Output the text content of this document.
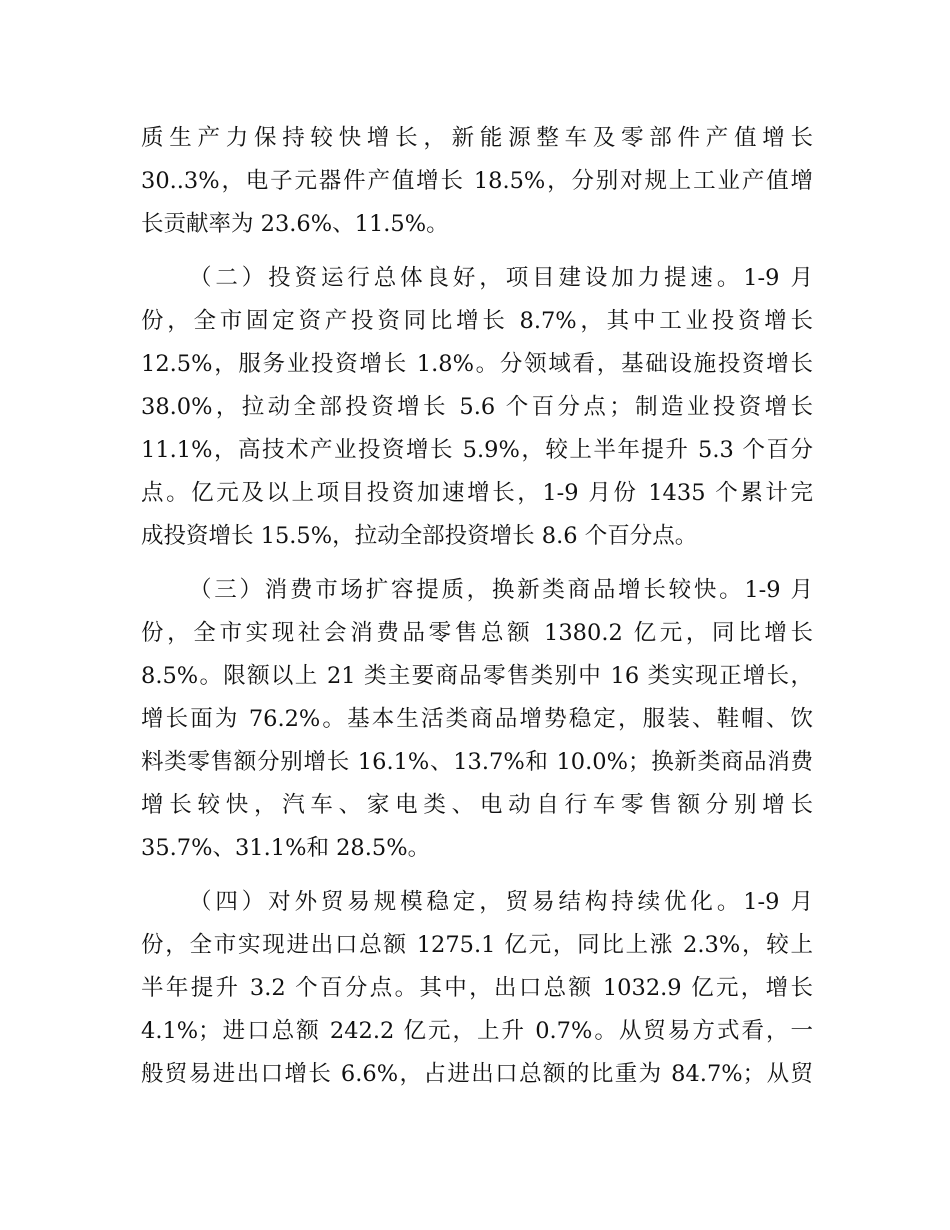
质生产力保持较快增长，新能源整车及零部件产值增长
30..3%，电子元器件产值增长 18.5%，分别对规上工业产值增
长贡献率为 23.6%、11.5%。
（二）投资运行总体良好，项目建设加力提速。1-9 月
份，全市固定资产投资同比增长 8.7%，其中工业投资增长
12.5%，服务业投资增长 1.8%。分领域看，基础设施投资增长
38.0%，拉动全部投资增长 5.6 个百分点；制造业投资增长
11.1%，高技术产业投资增长 5.9%，较上半年提升 5.3 个百分
点。亿元及以上项目投资加速增长，1-9 月份 1435 个累计完
成投资增长 15.5%，拉动全部投资增长 8.6 个百分点。
（三）消费市场扩容提质，换新类商品增长较快。1-9 月
份，全市实现社会消费品零售总额 1380.2 亿元，同比增长
8.5%。限额以上 21 类主要商品零售类别中 16 类实现正增长，
增长面为 76.2%。基本生活类商品增势稳定，服装、鞋帽、饮
料类零售额分别增长 16.1%、13.7%和 10.0%；换新类商品消费
增长较快，汽车、家电类、电动自行车零售额分别增长
35.7%、31.1%和 28.5%。
（四）对外贸易规模稳定，贸易结构持续优化。1-9 月
份，全市实现进出口总额 1275.1 亿元，同比上涨 2.3%，较上
半年提升 3.2 个百分点。其中，出口总额 1032.9 亿元，增长
4.1%；进口总额 242.2 亿元，上升 0.7%。从贸易方式看，一
般贸易进出口增长 6.6%，占进出口总额的比重为 84.7%；从贸
